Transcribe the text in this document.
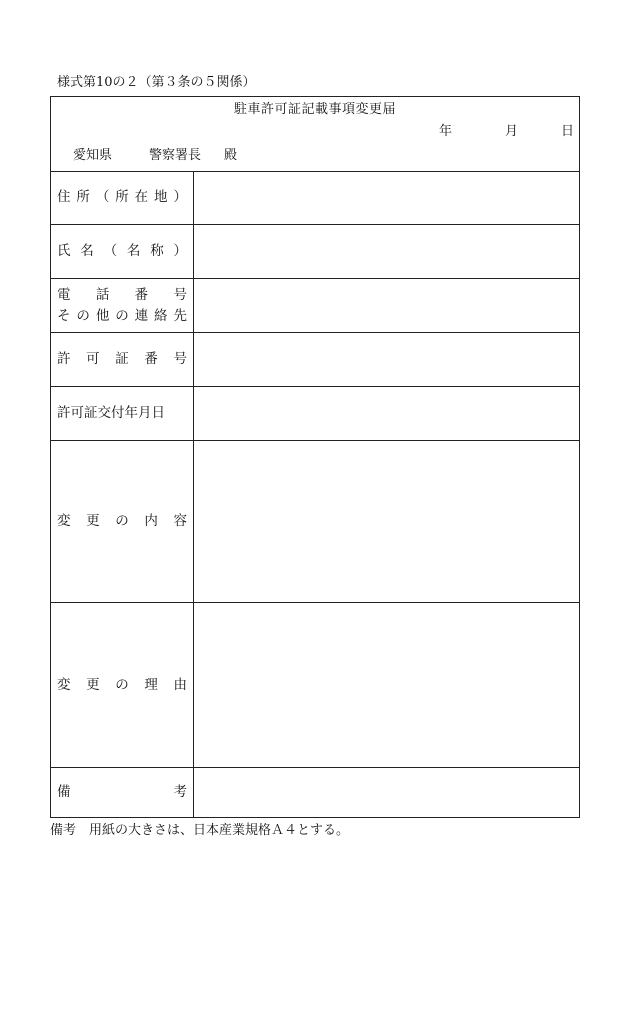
様式第10の２（第３条の５関係）
駐車許可証記載事項変更届
年	月	日
愛知県	警察署長 殿
住 所 （ 所 在 地 ）
氏 名 （ 名 称 ）
電 話 番 号
そ の 他 の 連 絡 先
許 可 証 番 号
許可証交付年月日
変 更 の 内 容
変 更 の 理 由
備	考
備考　用紙の大きさは、日本産業規格Ａ４とする。
